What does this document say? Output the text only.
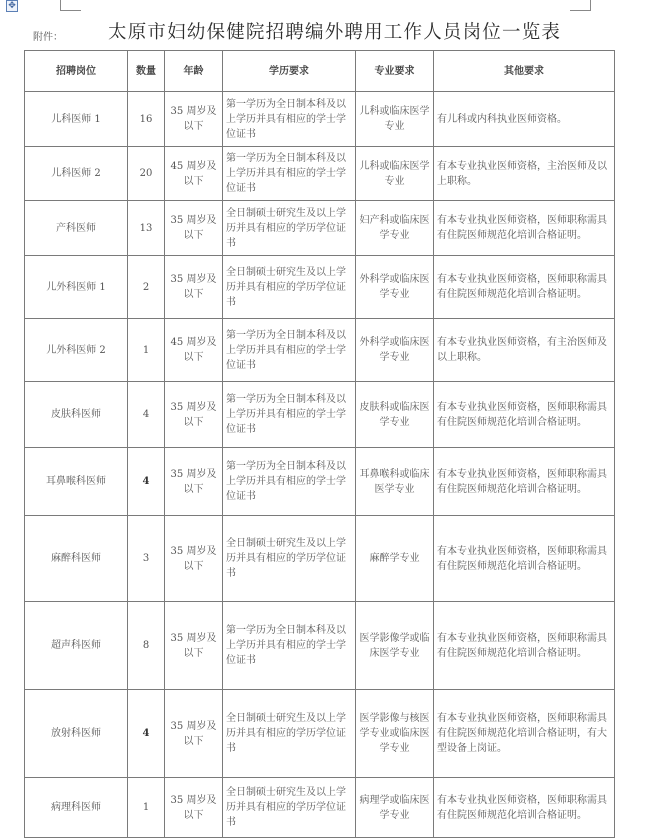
✥
附件： 太原市妇幼保健院招聘编外聘用工作人员岗位一览表
招聘岗位	数量	年龄	学历要求	专业要求	其他要求
儿科医师 1	16	35 周岁及以下	第一学历为全日制本科及以上学历并具有相应的学士学位证书	儿科或临床医学专业	有儿科或内科执业医师资格。
儿科医师 2	20	45 周岁及以下	第一学历为全日制本科及以上学历并具有相应的学士学位证书	儿科或临床医学专业	有本专业执业医师资格，主治医师及以上职称。
产科医师	13	35 周岁及以下	全日制硕士研究生及以上学历并具有相应的学历学位证书	妇产科或临床医学专业	有本专业执业医师资格，医师职称需具有住院医师规范化培训合格证明。
儿外科医师 1	2	35 周岁及以下	全日制硕士研究生及以上学历并具有相应的学历学位证书	外科学或临床医学专业	有本专业执业医师资格，医师职称需具有住院医师规范化培训合格证明。
儿外科医师 2	1	45 周岁及以下	第一学历为全日制本科及以上学历并具有相应的学士学位证书	外科学或临床医学专业	有本专业执业医师资格，有主治医师及以上职称。
皮肤科医师	4	35 周岁及以下	第一学历为全日制本科及以上学历并具有相应的学士学位证书	皮肤科或临床医学专业	有本专业执业医师资格，医师职称需具有住院医师规范化培训合格证明。
耳鼻喉科医师	4	35 周岁及以下	第一学历为全日制本科及以上学历并具有相应的学士学位证书	耳鼻喉科或临床医学专业	有本专业执业医师资格，医师职称需具有住院医师规范化培训合格证明。
麻醉科医师	3	35 周岁及以下	全日制硕士研究生及以上学历并具有相应的学历学位证书	麻醉学专业	有本专业执业医师资格，医师职称需具有住院医师规范化培训合格证明。
超声科医师	8	35 周岁及以下	第一学历为全日制本科及以上学历并具有相应的学士学位证书	医学影像学或临床医学专业	有本专业执业医师资格，医师职称需具有住院医师规范化培训合格证明。
放射科医师	4	35 周岁及以下	全日制硕士研究生及以上学历并具有相应的学历学位证书	医学影像与核医学专业或临床医学专业	有本专业执业医师资格，医师职称需具有住院医师规范化培训合格证明，有大型设备上岗证。
病理科医师	1	35 周岁及以下	全日制硕士研究生及以上学历并具有相应的学历学位证书	病理学或临床医学专业	有本专业执业医师资格，医师职称需具有住院医师规范化培训合格证明。
